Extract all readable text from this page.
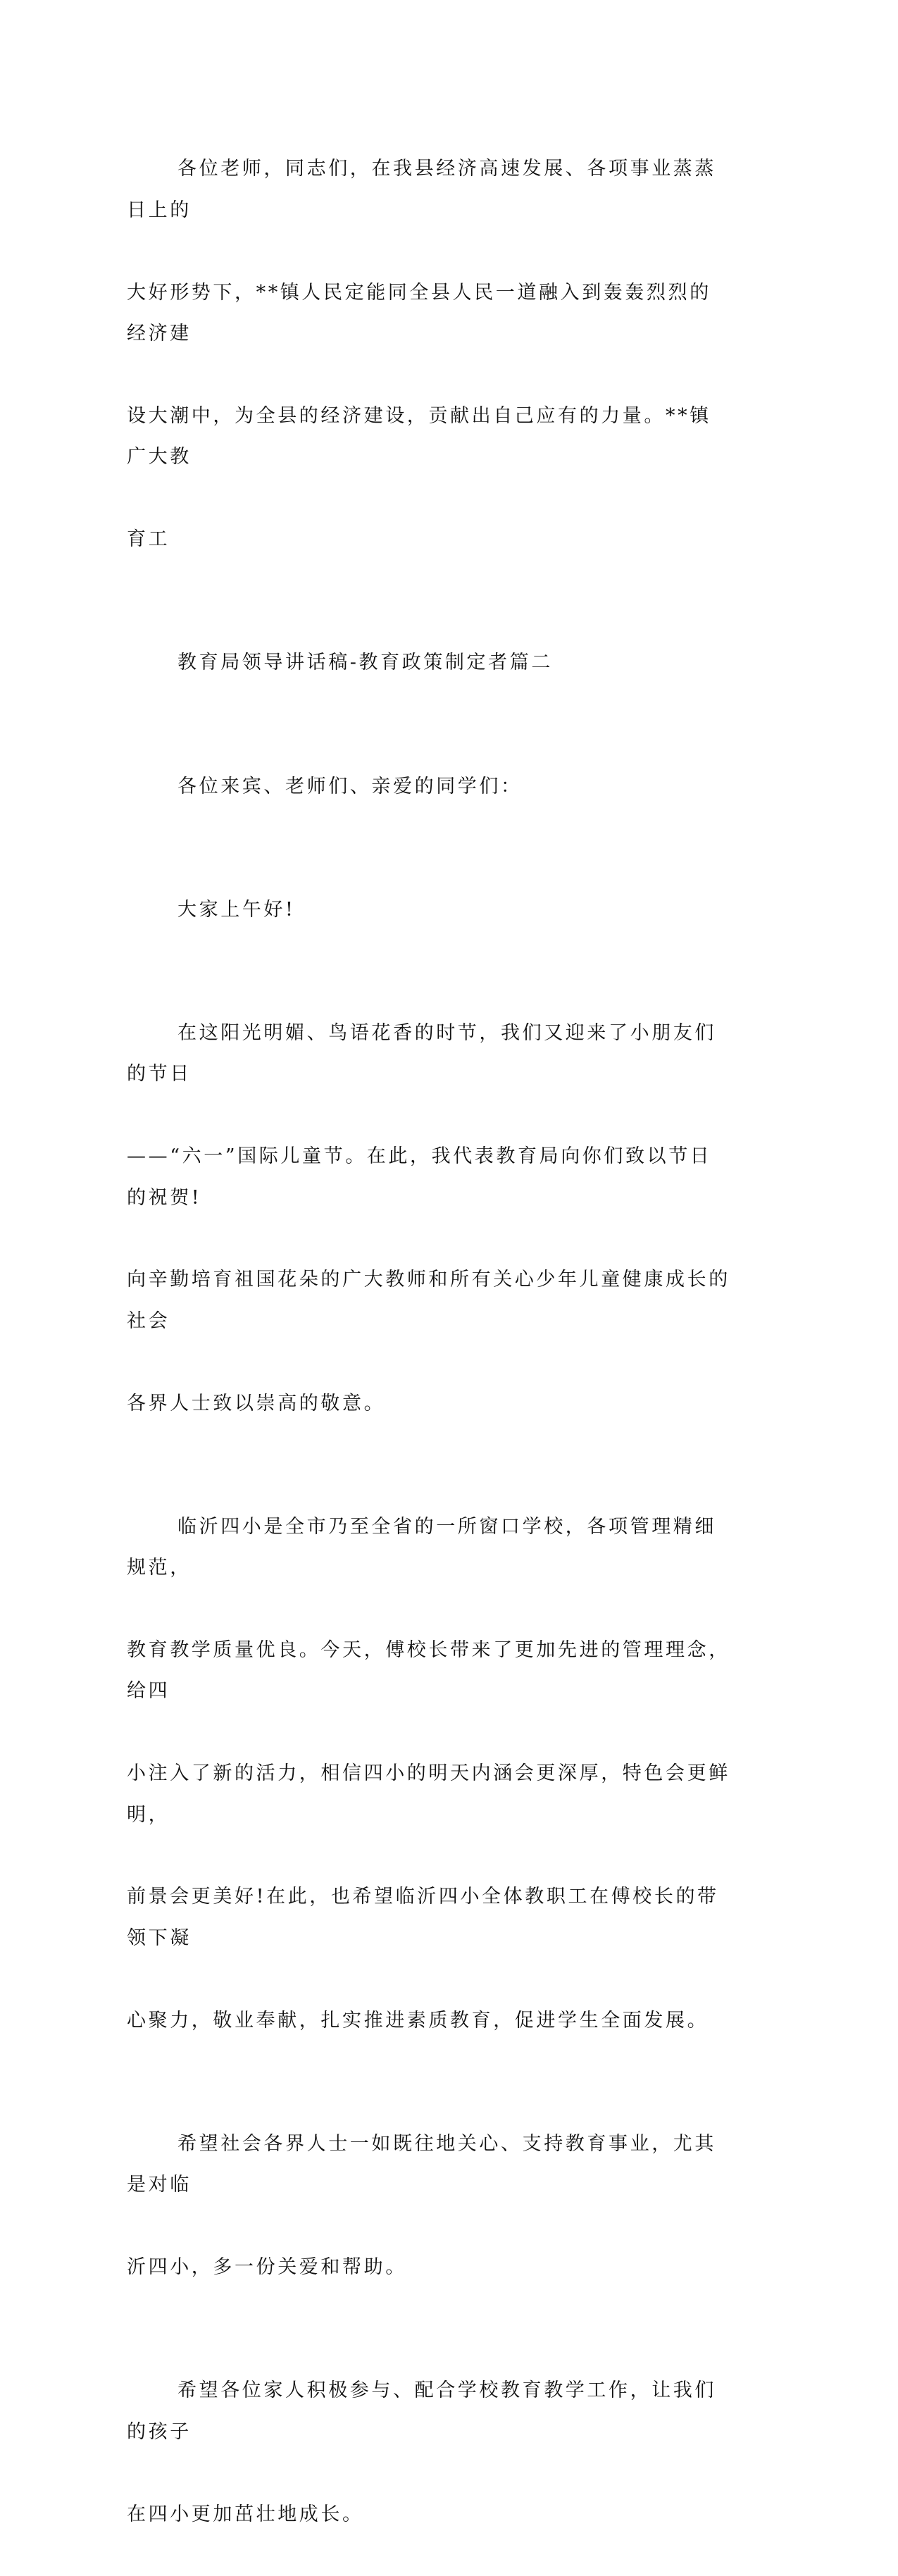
各位老师，同志们，在我县经济高速发展、各项事业蒸蒸日上的

大好形势下，**镇人民定能同全县人民一道融入到轰轰烈烈的经济建

设大潮中，为全县的经济建设，贡献出自己应有的力量。**镇广大教

育工

教育局领导讲话稿-教育政策制定者篇二

各位来宾、老师们、亲爱的同学们：

大家上午好!

在这阳光明媚、鸟语花香的时节，我们又迎来了小朋友们的节日

——“六一”国际儿童节。在此，我代表教育局向你们致以节日的祝贺!

向辛勤培育祖国花朵的广大教师和所有关心少年儿童健康成长的社会

各界人士致以崇高的敬意。

临沂四小是全市乃至全省的一所窗口学校，各项管理精细规范，

教育教学质量优良。今天，傅校长带来了更加先进的管理理念，给四

小注入了新的活力，相信四小的明天内涵会更深厚，特色会更鲜明，

前景会更美好!在此，也希望临沂四小全体教职工在傅校长的带领下凝

心聚力，敬业奉献，扎实推进素质教育，促进学生全面发展。

希望社会各界人士一如既往地关心、支持教育事业，尤其是对临

沂四小，多一份关爱和帮助。

希望各位家人积极参与、配合学校教育教学工作，让我们的孩子

在四小更加茁壮地成长。
